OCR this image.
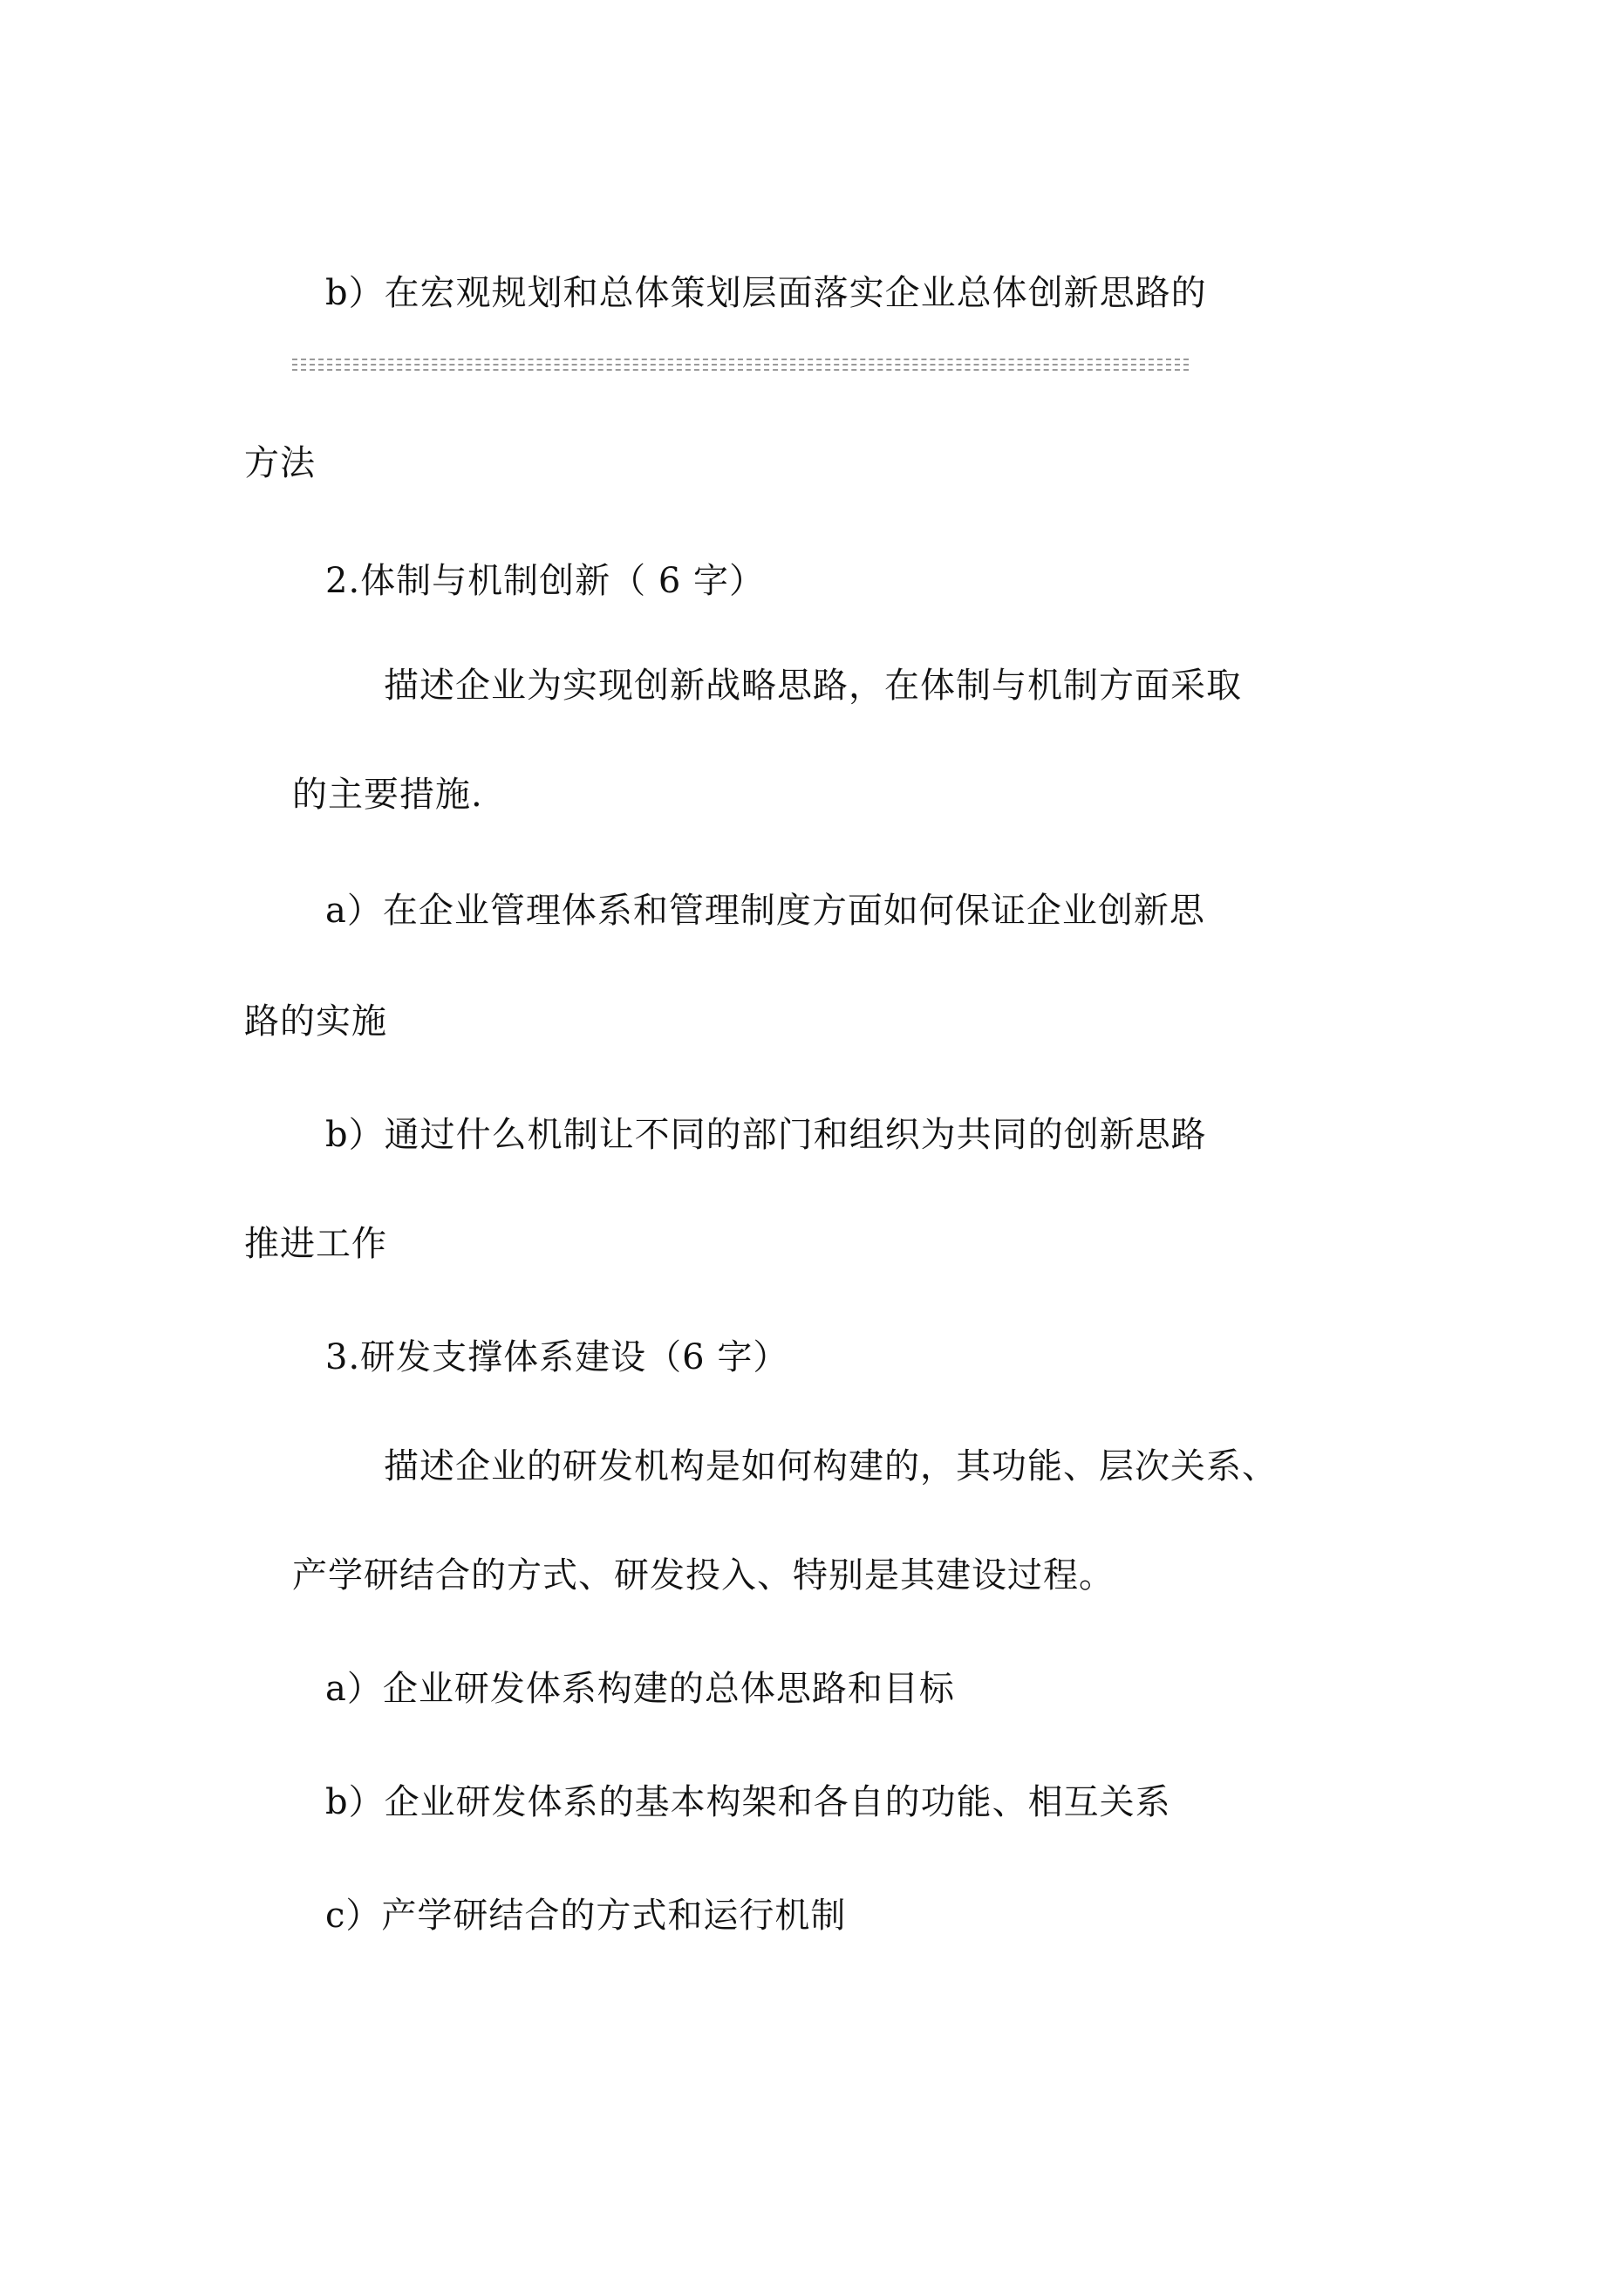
b）在宏观规划和总体策划层面落实企业总体创新思路的
方法
2.体制与机制创新（ 6 字）
描述企业为实现创新战略思路，在体制与机制方面采取
的主要措施.
a）在企业管理体系和管理制度方面如何保证企业创新思
路的实施
b）通过什么机制让不同的部门和组织为共同的创新思路
推进工作
3.研发支撑体系建设（6 字）
描述企业的研发机构是如何构建的，其功能、层次关系、
产学研结合的方式、研发投入、特别是其建设过程。
a）企业研发体系构建的总体思路和目标
b）企业研发体系的基本构架和各自的功能、相互关系
c）产学研结合的方式和运行机制
